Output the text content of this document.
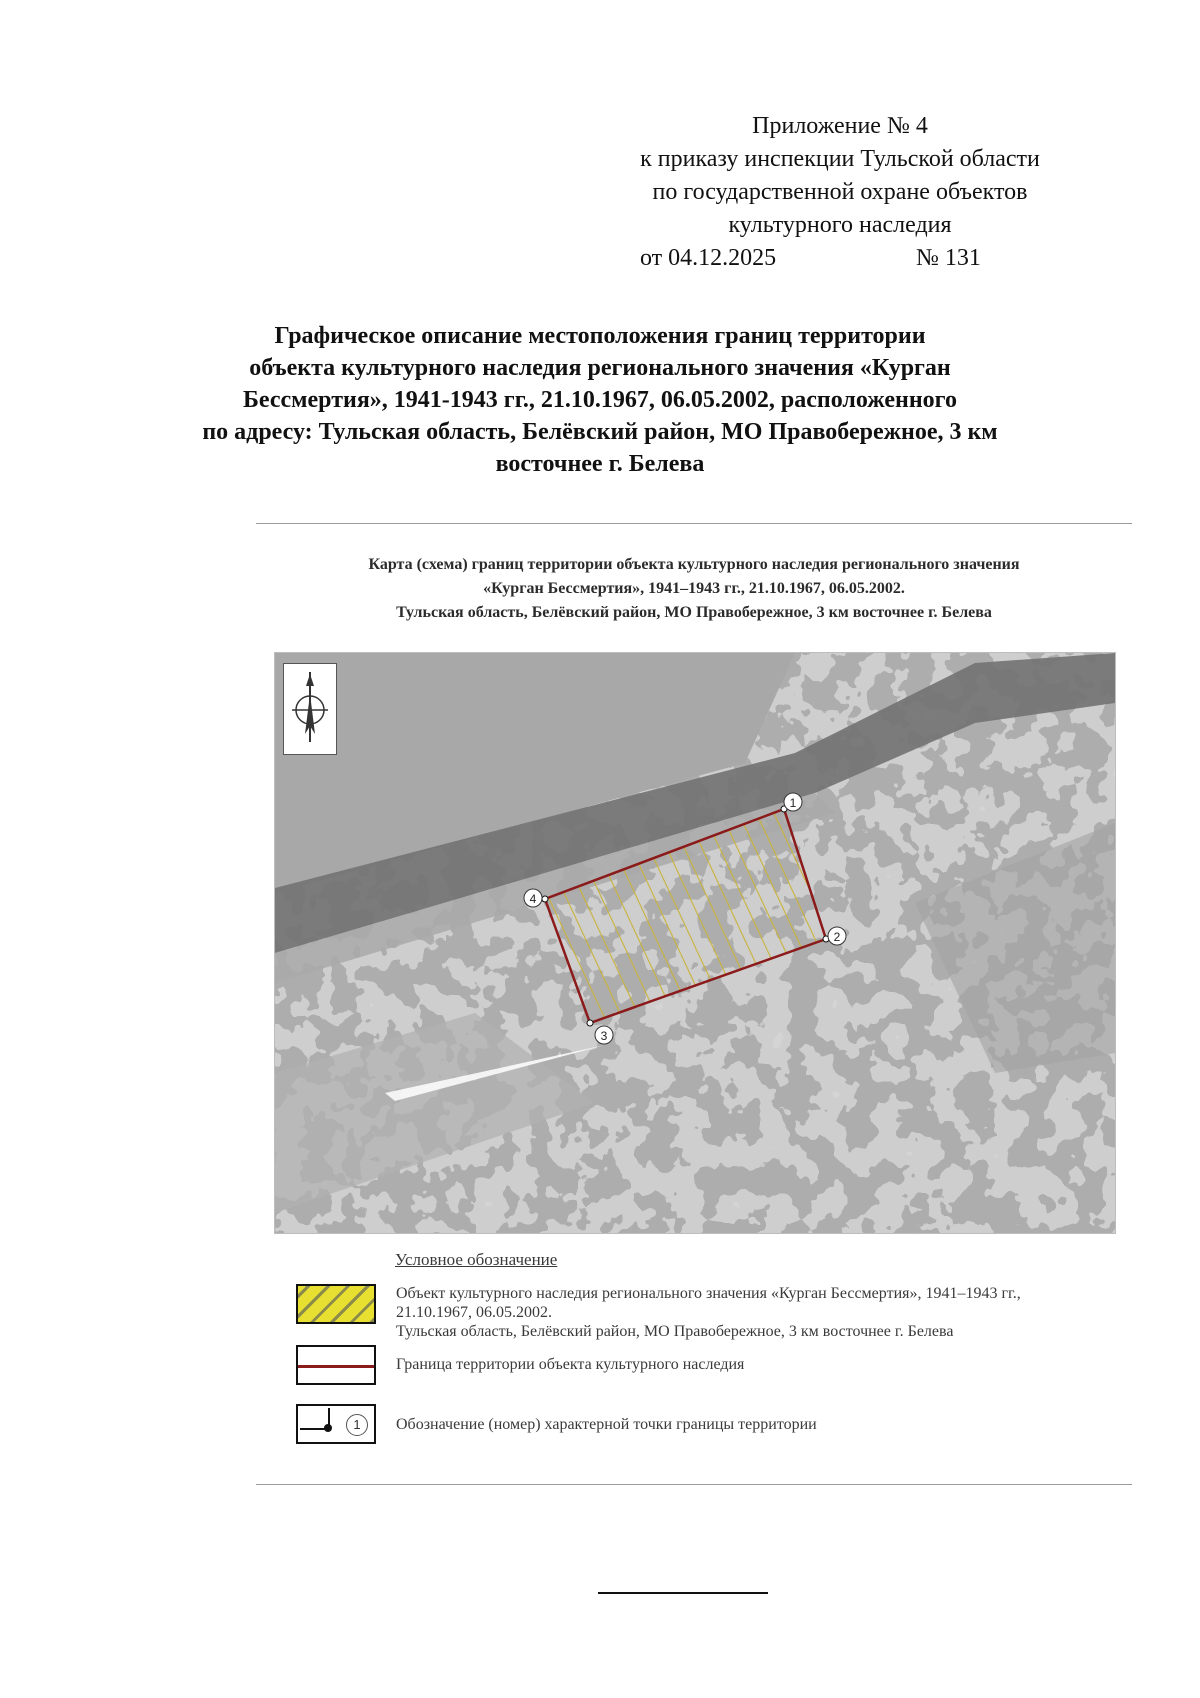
Приложение № 4
к приказу инспекции Тульской области
по государственной охране объектов
культурного наследия
от 04.12.2025	№ 131
Графическое описание местоположения границ территории
объекта культурного наследия регионального значения «Курган
Бессмертия», 1941-1943 гг., 21.10.1967, 06.05.2002, расположенного
по адресу: Тульская область, Белёвский район, МО Правобережное, 3 км
восточнее г. Белева
Карта (схема) границ территории объекта культурного наследия регионального значения
«Курган Бессмертия», 1941–1943 гг., 21.10.1967, 06.05.2002.
Тульская область, Белёвский район, МО Правобережное, 3 км восточнее г. Белева
1
2
3
4
Условное обозначение
Объект культурного наследия регионального значения «Курган Бессмертия», 1941–1943 гг.,
21.10.1967, 06.05.2002.
Тульская область, Белёвский район, МО Правобережное, 3 км восточнее г. Белева
Граница территории объекта культурного наследия
1	Обозначение (номер) характерной точки границы территории
